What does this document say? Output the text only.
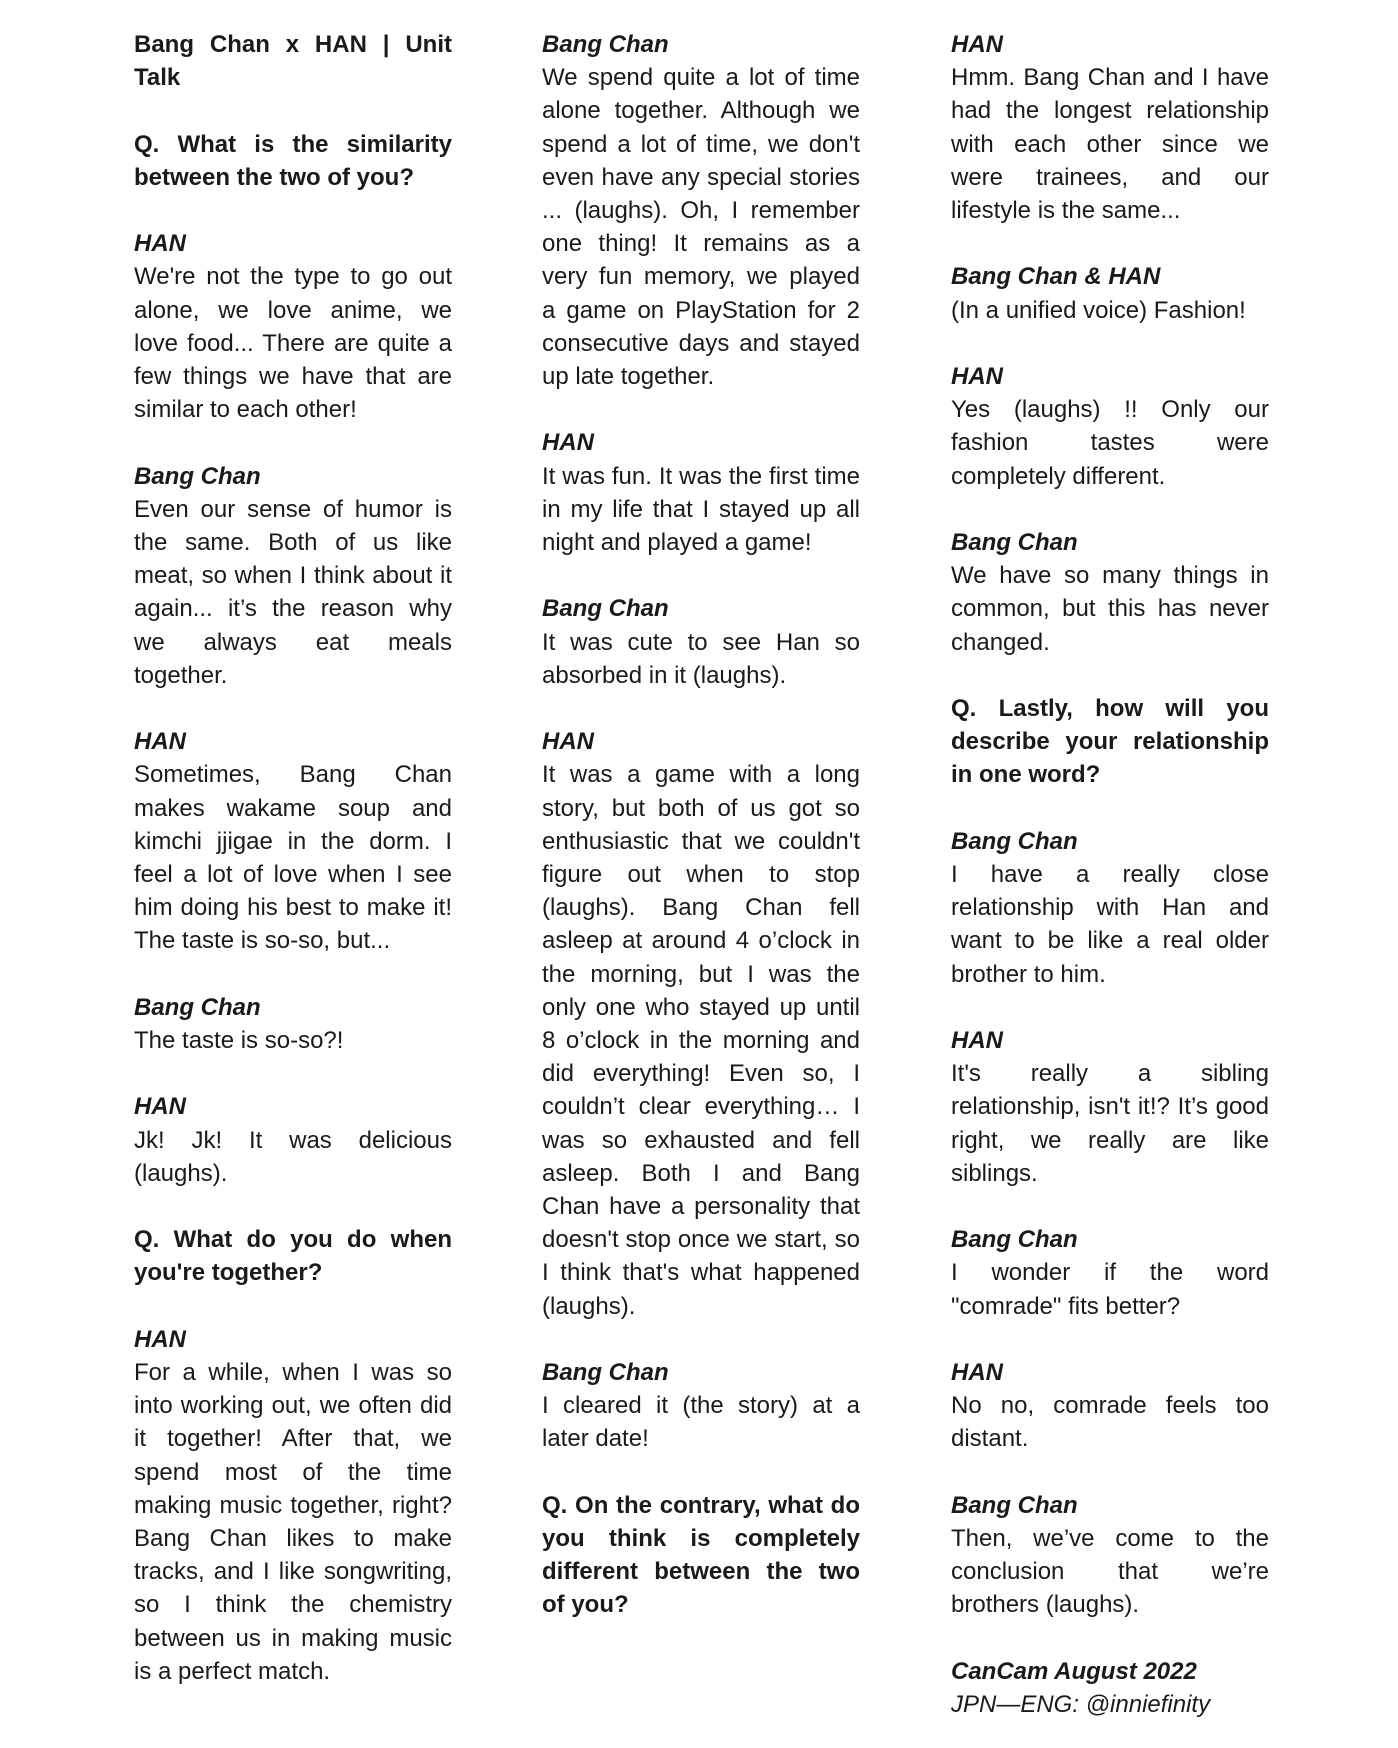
Bang Chan x HAN | Unit Talk
Q. What is the similarity between the two of you?
HAN
We're not the type to go out alone, we love anime, we love food... There are quite a few things we have that are similar to each other!
Bang Chan
Even our sense of humor is the same. Both of us like meat, so when I think about it again... it’s the reason why we always eat meals together.
HAN
Sometimes, Bang Chan makes wakame soup and kimchi jjigae in the dorm. I feel a lot of love when I see him doing his best to make it! The taste is so-so, but...
Bang Chan
The taste is so-so?!
HAN
Jk! Jk! It was delicious (laughs).
Q. What do you do when you're together?
HAN
For a while, when I was so into working out, we often did it together! After that, we spend most of the time making music together, right? Bang Chan likes to make tracks, and I like songwriting, so I think the chemistry between us in making music is a perfect match.
Bang Chan
We spend quite a lot of time alone together. Although we spend a lot of time, we don't even have any special stories ... (laughs). Oh, I remember one thing! It remains as a very fun memory, we played a game on PlayStation for 2 consecutive days and stayed up late together.
HAN
It was fun. It was the first time in my life that I stayed up all night and played a game!
Bang Chan
It was cute to see Han so absorbed in it (laughs).
HAN
It was a game with a long story, but both of us got so enthusiastic that we couldn't figure out when to stop (laughs). Bang Chan fell asleep at around 4 o’clock in the morning, but I was the only one who stayed up until 8 o’clock in the morning and did everything! Even so, I couldn’t clear everything… I was so exhausted and fell asleep. Both I and Bang Chan have a personality that doesn't stop once we start, so I think that's what happened (laughs).
Bang Chan
I cleared it (the story) at a later date!
Q. On the contrary, what do you think is completely different between the two of you?
HAN
Hmm. Bang Chan and I have had the longest relationship with each other since we were trainees, and our lifestyle is the same...
Bang Chan & HAN
(In a unified voice) Fashion!
HAN
Yes (laughs) !! Only our fashion tastes were completely different.
Bang Chan
We have so many things in common, but this has never changed.
Q. Lastly, how will you describe your relationship in one word?
Bang Chan
I have a really close relationship with Han and want to be like a real older brother to him.
HAN
It's really a sibling relationship, isn't it!? It’s good right, we really are like siblings.
Bang Chan
I wonder if the word "comrade" fits better?
HAN
No no, comrade feels too distant.
Bang Chan
Then, we’ve come to the conclusion that we’re brothers (laughs).
CanCam August 2022
JPN—ENG: @inniefinity
